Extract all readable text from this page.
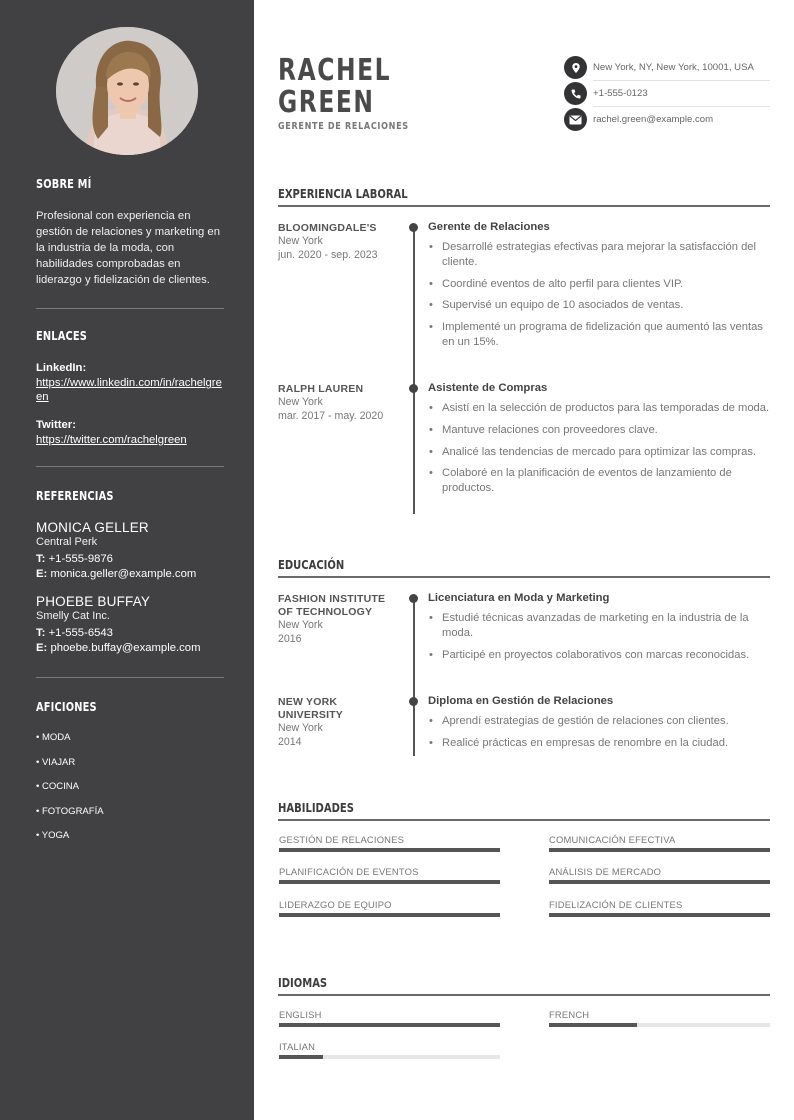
SOBRE MÍ
Profesional con experiencia en gestión de relaciones y marketing en la industria de la moda, con habilidades comprobadas en liderazgo y fidelización de clientes.
ENLACES
LinkedIn:
https://www.linkedin.com/in/rachelgreen
Twitter:
https://twitter.com/rachelgreen
REFERENCIAS
MONICA GELLER
Central Perk
T: +1-555-9876
E: monica.geller@example.com
PHOEBE BUFFAY
Smelly Cat Inc.
T: +1-555-6543
E: phoebe.buffay@example.com
AFICIONES
• MODA
• VIAJAR
• COCINA
• FOTOGRAFÍA
• YOGA
RACHEL
GREEN
GERENTE DE RELACIONES
New York, NY, New York, 10001, USA
+1-555-0123
rachel.green@example.com
EXPERIENCIA LABORAL
BLOOMINGDALE'S
New York
jun. 2020 - sep. 2023
Gerente de Relaciones
• Desarrollé estrategias efectivas para mejorar la satisfacción del cliente.
• Coordiné eventos de alto perfil para clientes VIP.
• Supervisé un equipo de 10 asociados de ventas.
• Implementé un programa de fidelización que aumentó las ventas en un 15%.
RALPH LAUREN
New York
mar. 2017 - may. 2020
Asistente de Compras
• Asistí en la selección de productos para las temporadas de moda.
• Mantuve relaciones con proveedores clave.
• Analicé las tendencias de mercado para optimizar las compras.
• Colaboré en la planificación de eventos de lanzamiento de productos.
EDUCACIÓN
FASHION INSTITUTE
OF TECHNOLOGY
New York
2016
Licenciatura en Moda y Marketing
• Estudié técnicas avanzadas de marketing en la industria de la moda.
• Participé en proyectos colaborativos con marcas reconocidas.
NEW YORK
UNIVERSITY
New York
2014
Diploma en Gestión de Relaciones
• Aprendí estrategias de gestión de relaciones con clientes.
• Realicé prácticas en empresas de renombre en la ciudad.
HABILIDADES
GESTIÓN DE RELACIONES	COMUNICACIÓN EFECTIVA
PLANIFICACIÓN DE EVENTOS	ANÁLISIS DE MERCADO
LIDERAZGO DE EQUIPO	FIDELIZACIÓN DE CLIENTES
IDIOMAS
ENGLISH	FRENCH
ITALIAN
